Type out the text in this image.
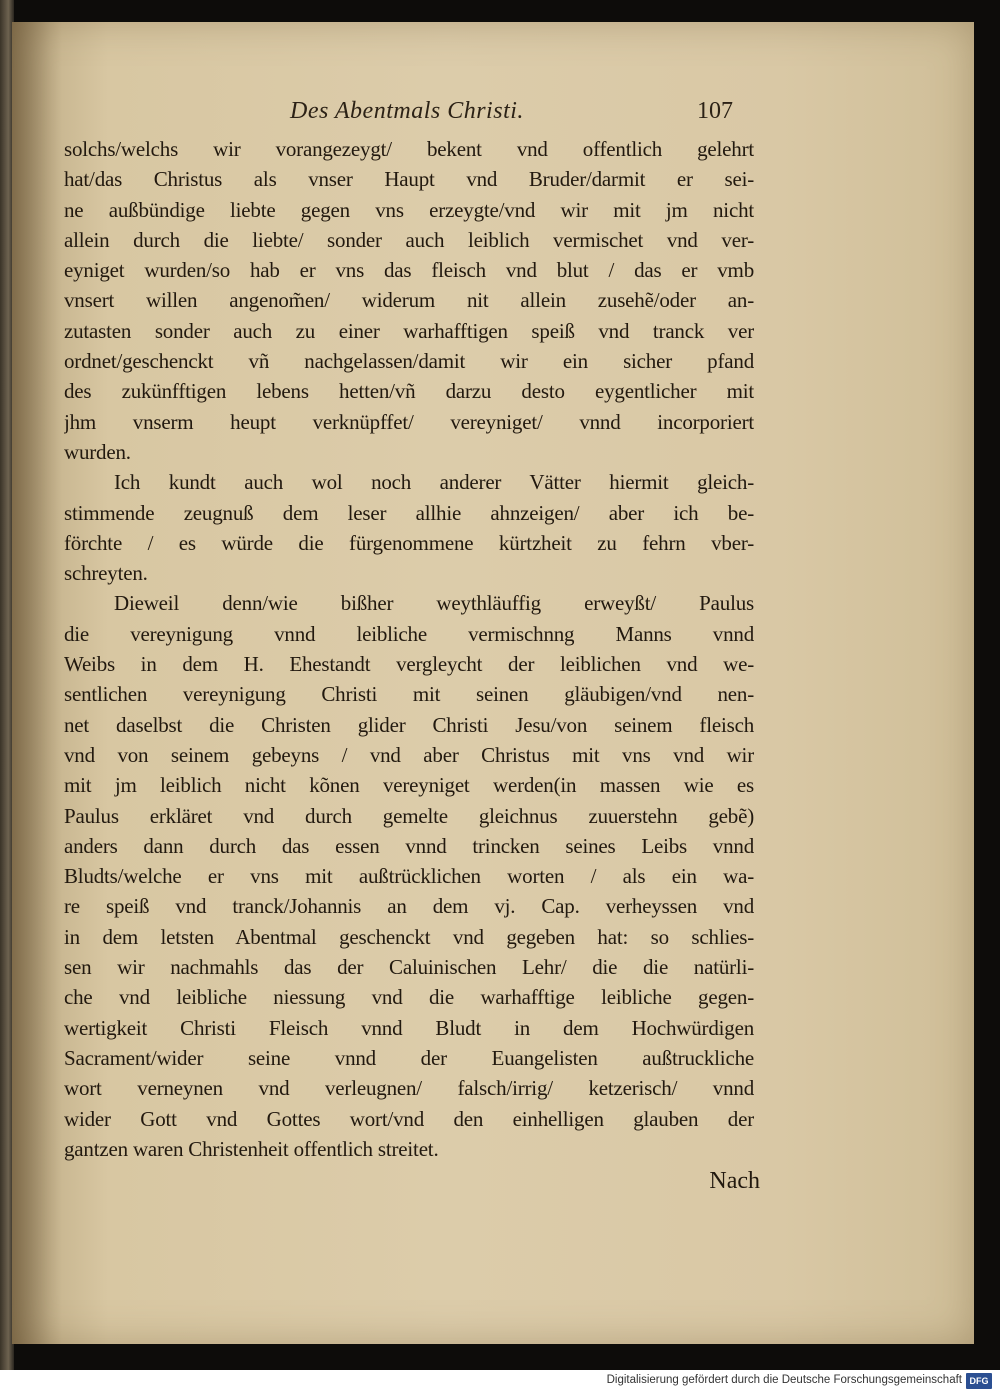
Des Abentmals Christi.	107
solchs/welchs wir vorangezeygt/ bekent vnd offentlich gelehrt
hat/das Christus als vnser Haupt vnd Bruder/darmit er sei-
ne außbündige liebte gegen vns erzeygte/vnd wir mit jm nicht
allein durch die liebte/ sonder auch leiblich vermischet vnd ver-
eyniget wurden/so hab er vns das fleisch vnd blut / das er vmb
vnsert willen angenom̃en/ widerum nit allein zusehẽ/oder an-
zutasten sonder auch zu einer warhafftigen speiß vnd tranck ver
ordnet/geschenckt vñ nachgelassen/damit wir ein sicher pfand
des zukünfftigen lebens hetten/vñ darzu desto eygentlicher mit
jhm vnserm heupt verknüpffet/ vereyniget/ vnnd incorporiert
wurden.
Ich kundt auch wol noch anderer Vätter hiermit gleich-
stimmende zeugnuß dem leser allhie ahnzeigen/ aber ich be-
förchte / es würde die fürgenommene kürtzheit zu fehrn vber-
schreyten.
Dieweil denn/wie bißher weythläuffig erweyßt/ Paulus
die vereynigung vnnd leibliche vermischnng Manns vnnd
Weibs in dem H. Ehestandt vergleycht der leiblichen vnd we-
sentlichen vereynigung Christi mit seinen gläubigen/vnd nen-
net daselbst die Christen glider Christi Jesu/von seinem fleisch
vnd von seinem gebeyns / vnd aber Christus mit vns vnd wir
mit jm leiblich nicht kõnen vereyniget werden(in massen wie es
Paulus erkläret vnd durch gemelte gleichnus zuuerstehn gebẽ)
anders dann durch das essen vnnd trincken seines Leibs vnnd
Bludts/welche er vns mit außtrücklichen worten / als ein wa-
re speiß vnd tranck/Johannis an dem vj. Cap. verheyssen vnd
in dem letsten Abentmal geschenckt vnd gegeben hat: so schlies-
sen wir nachmahls das der Caluinischen Lehr/ die die natürli-
che vnd leibliche niessung vnd die warhafftige leibliche gegen-
wertigkeit Christi Fleisch vnnd Bludt in dem Hochwürdigen
Sacrament/wider seine vnnd der Euangelisten außtruckliche
wort verneynen vnd verleugnen/ falsch/irrig/ ketzerisch/ vnnd
wider Gott vnd Gottes wort/vnd den einhelligen glauben der
gantzen waren Christenheit offentlich streitet.
Nach
Digitalisierung gefördert durch die Deutsche Forschungsgemeinschaft DFG
